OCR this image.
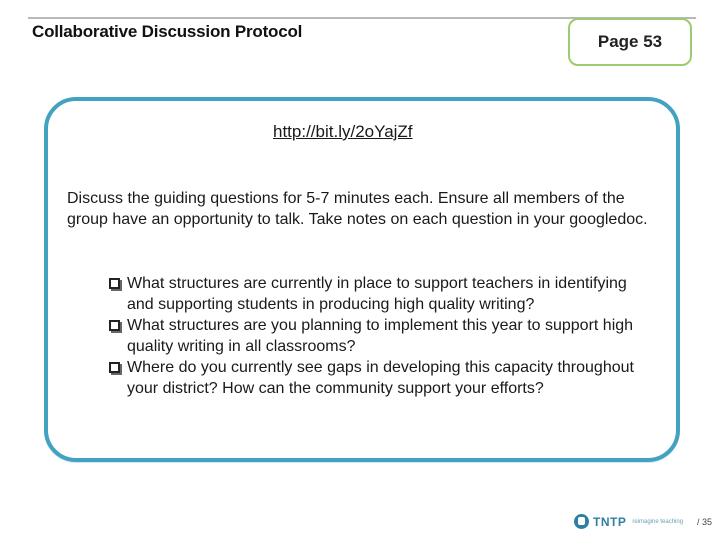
Collaborative Discussion Protocol
Page 53
http://bit.ly/2oYajZf

Discuss the guiding questions for 5-7 minutes each. Ensure all members of the group have an opportunity to talk. Take notes on each question in your googledoc.

What structures are currently in place to support teachers in identifying and supporting students in producing high quality writing?
What structures are you planning to implement this year to support high quality writing in all classrooms?
Where do you currently see gaps in developing this capacity throughout your district? How can the community support your efforts?
TNTP reimagine teaching / 35
